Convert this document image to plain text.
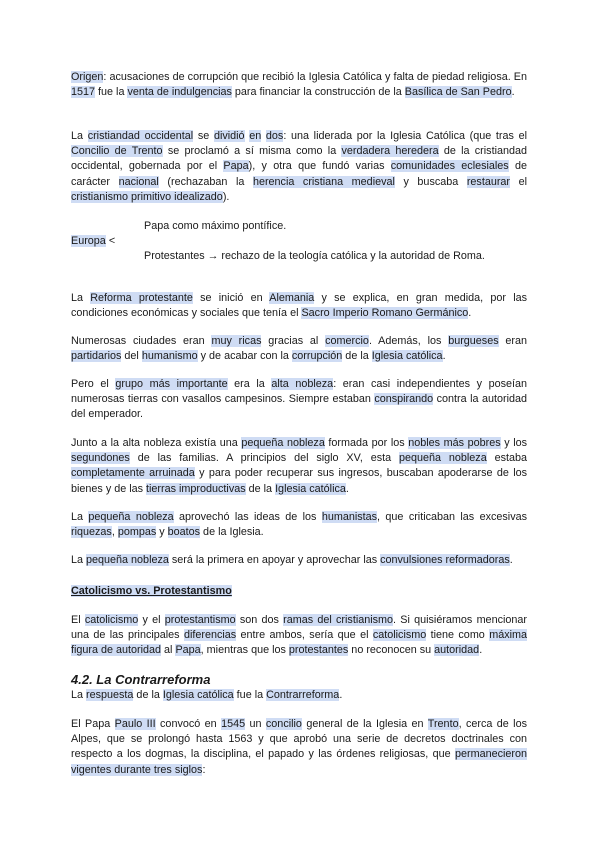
Origen: acusaciones de corrupción que recibió la Iglesia Católica y falta de piedad religiosa. En 1517 fue la venta de indulgencias para financiar la construcción de la Basílica de San Pedro.

La cristiandad occidental se dividió en dos: una liderada por la Iglesia Católica (que tras el Concilio de Trento se proclamó a sí misma como la verdadera heredera de la cristiandad occidental, gobernada por el Papa), y otra que fundó varias comunidades eclesiales de carácter nacional (rechazaban la herencia cristiana medieval y buscaba restaurar el cristianismo primitivo idealizado).

Papa como máximo pontífice.
Europa <
Protestantes → rechazo de la teología católica y la autoridad de Roma.

La Reforma protestante se inició en Alemania y se explica, en gran medida, por las condiciones económicas y sociales que tenía el Sacro Imperio Romano Germánico.

Numerosas ciudades eran muy ricas gracias al comercio. Además, los burgueses eran partidarios del humanismo y de acabar con la corrupción de la Iglesia católica.

Pero el grupo más importante era la alta nobleza: eran casi independientes y poseían numerosas tierras con vasallos campesinos. Siempre estaban conspirando contra la autoridad del emperador.

Junto a la alta nobleza existía una pequeña nobleza formada por los nobles más pobres y los segundones de las familias. A principios del siglo XV, esta pequeña nobleza estaba completamente arruinada y para poder recuperar sus ingresos, buscaban apoderarse de los bienes y de las tierras improductivas de la Iglesia católica.

La pequeña nobleza aprovechó las ideas de los humanistas, que criticaban las excesivas riquezas, pompas y boatos de la Iglesia.

La pequeña nobleza será la primera en apoyar y aprovechar las convulsiones reformadoras.

Catolicismo vs. Protestantismo

El catolicismo y el protestantismo son dos ramas del cristianismo. Si quisiéramos mencionar una de las principales diferencias entre ambos, sería que el catolicismo tiene como máxima figura de autoridad al Papa, mientras que los protestantes no reconocen su autoridad.

4.2. La Contrarreforma

La respuesta de la Iglesia católica fue la Contrarreforma.

El Papa Paulo III convocó en 1545 un concilio general de la Iglesia en Trento, cerca de los Alpes, que se prolongó hasta 1563 y que aprobó una serie de decretos doctrinales con respecto a los dogmas, la disciplina, el papado y las órdenes religiosas, que permanecieron vigentes durante tres siglos:
